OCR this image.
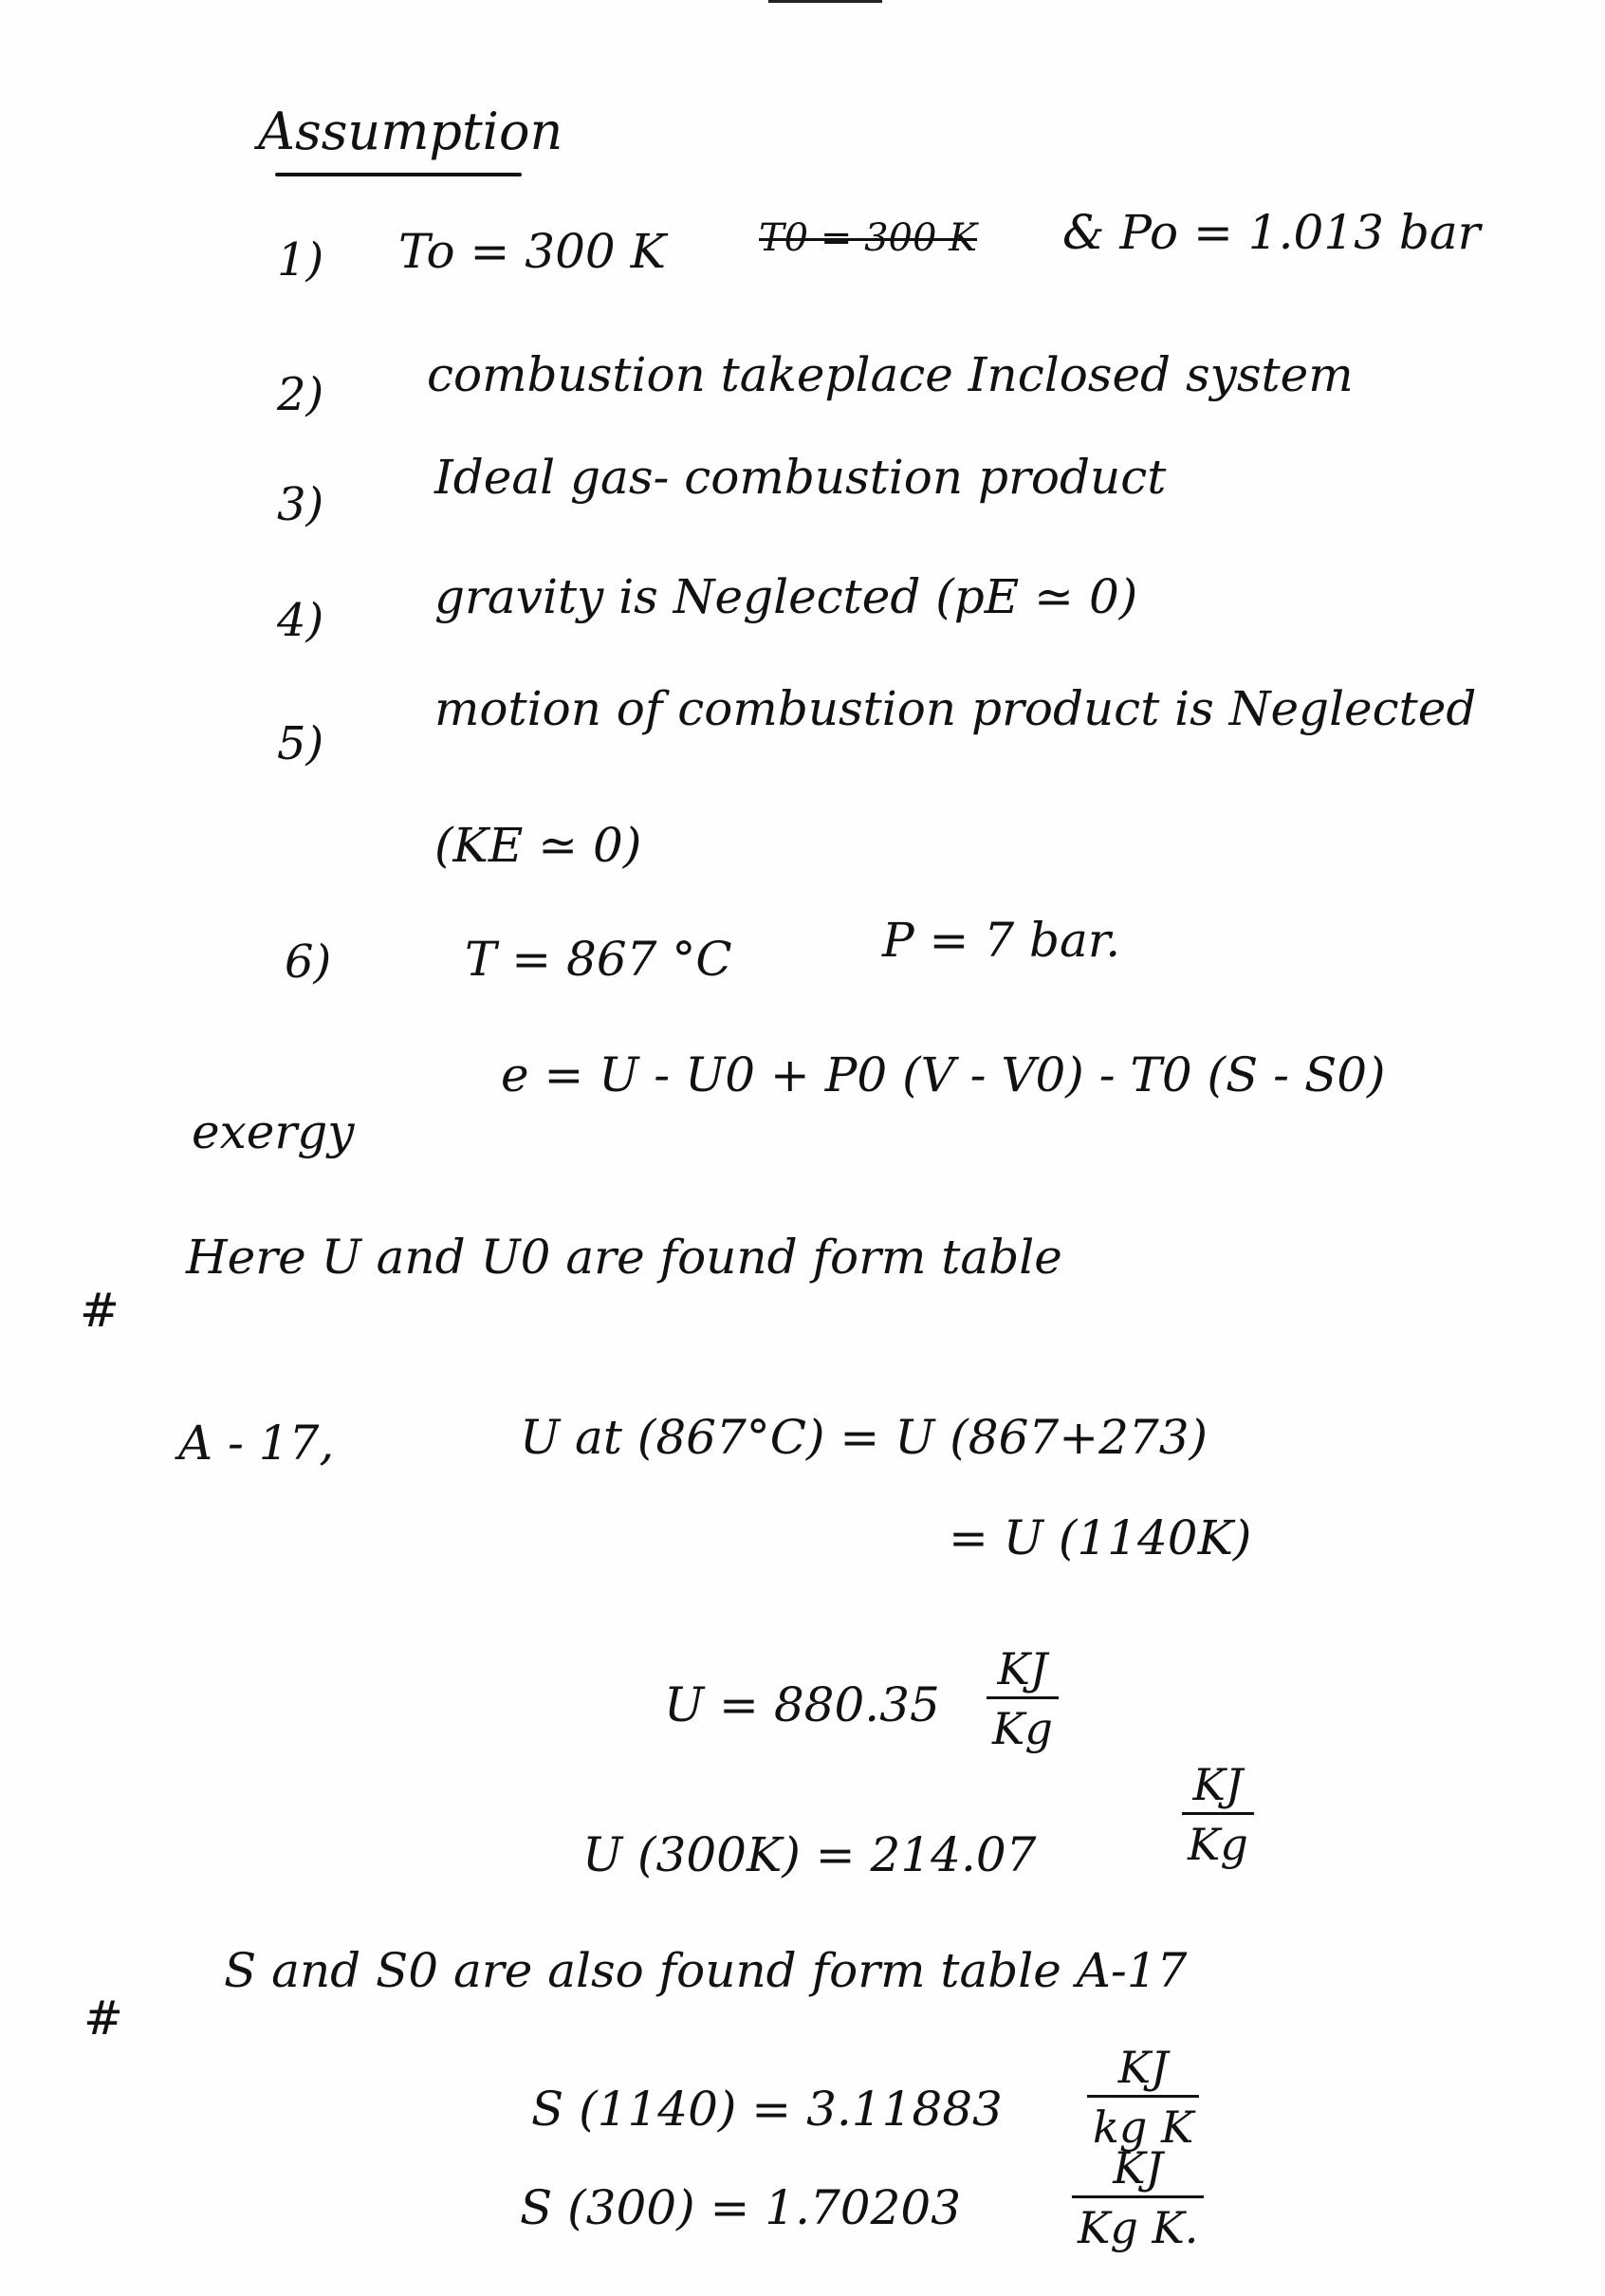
Assumption
1) To = 300 K T0 = 300 K & Po = 1.013 bar
2) combustion takeplace Inclosed system
3) Ideal gas- combustion product
4) gravity is Neglected (pE ≃ 0)
5)
motion of combustion product is Neglected
(KE ≃ 0)
6)	T = 867 °C	P = 7 bar.
exergy
e = U - U0 + P0 (V - V0) - T0 (S - S0)
#
Here U and U0 are found form table
A - 17,	U at (867°C) = U (867+273)
= U (1140K)
U = 880.35
KJ
Kg
U (300K) = 214.07
KJ
Kg
#
S and S0 are also found form table A-17
S (1140) = 3.11883
KJ
kg K
S (300) = 1.70203
KJ
Kg K.
